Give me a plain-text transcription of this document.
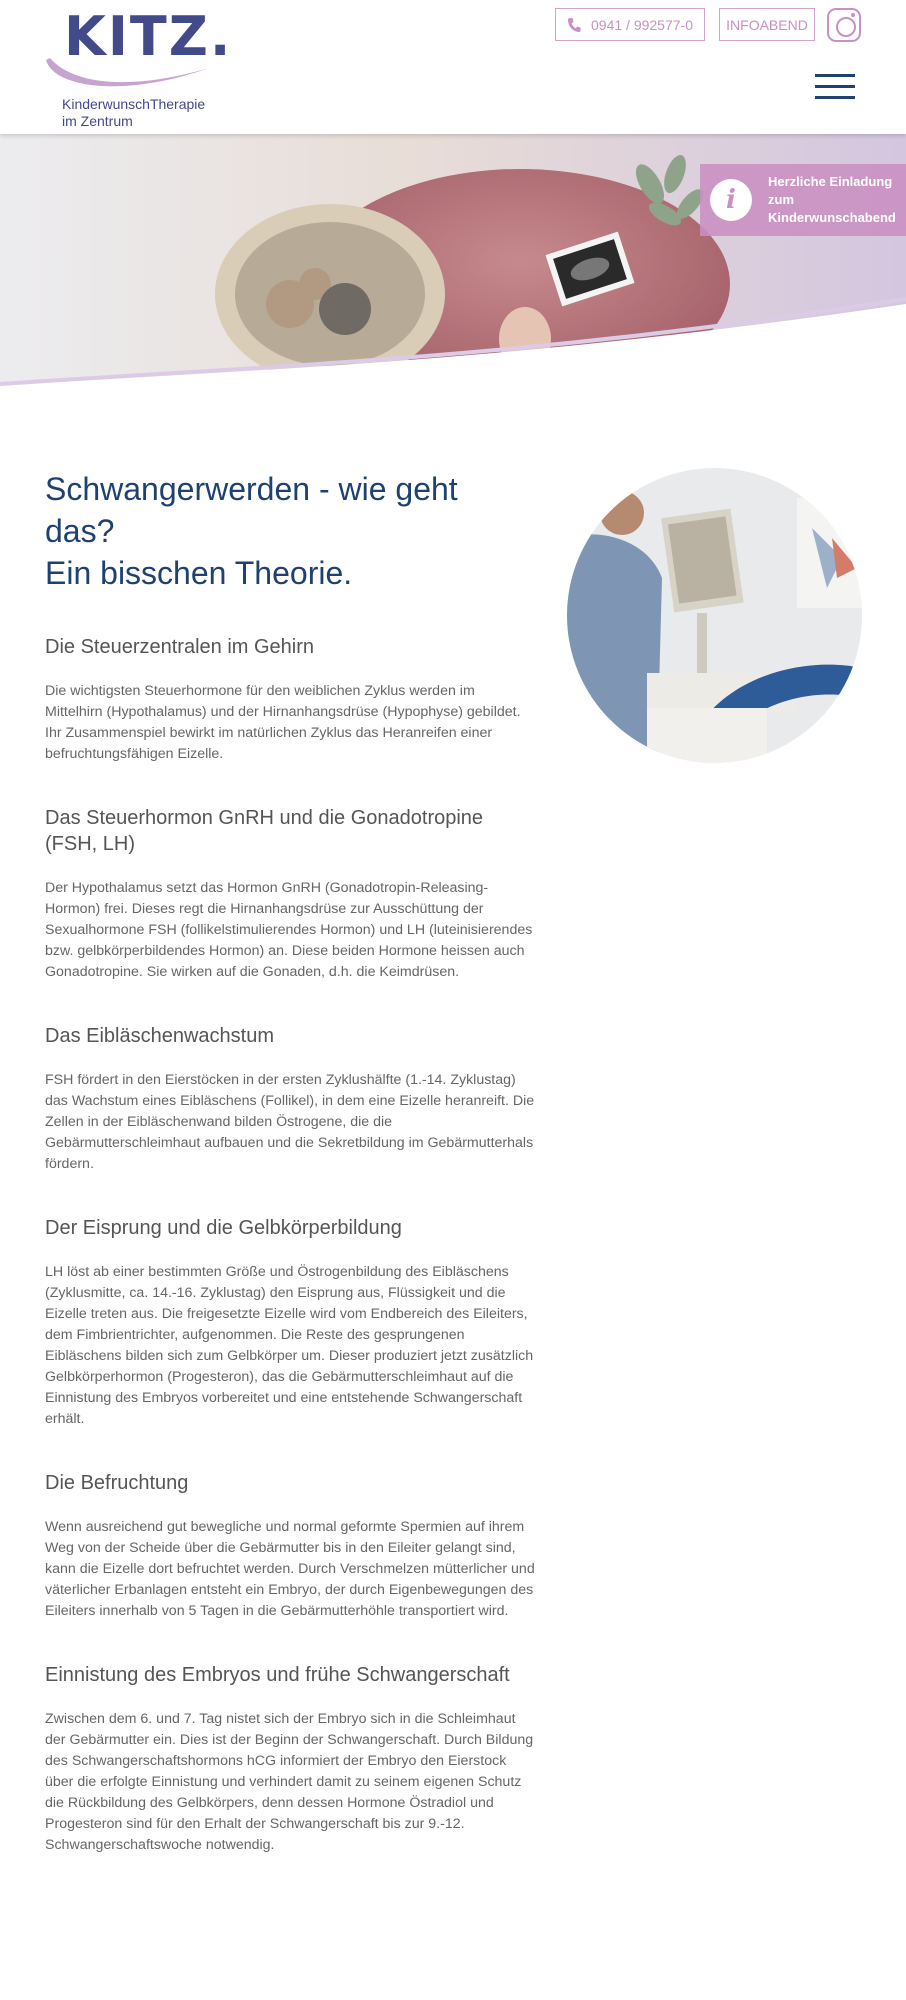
KITZ.
KinderwunschTherapie
im Zentrum
0941 / 992577-0	INFOABEND
i
Herzliche Einladung zum Kinderwunschabend
Schwangerwerden - wie geht das?
Ein bisschen Theorie.
Die Steuerzentralen im Gehirn

Die wichtigsten Steuerhormone für den weiblichen Zyklus werden im Mittelhirn (Hypothalamus) und der Hirnanhangsdrüse (Hypophyse) gebildet. Ihr Zusammenspiel bewirkt im natürlichen Zyklus das Heranreifen einer befruchtungsfähigen Eizelle.

Das Steuerhormon GnRH und die Gonadotropine (FSH, LH)

Der Hypothalamus setzt das Hormon GnRH (Gonadotropin-Releasing-Hormon) frei. Dieses regt die Hirnanhangsdrüse zur Ausschüttung der Sexualhormone FSH (follikelstimulierendes Hormon) und LH (luteinisierendes bzw. gelbkörperbildendes Hormon) an. Diese beiden Hormone heissen auch Gonadotropine. Sie wirken auf die Gonaden, d.h. die Keimdrüsen.

Das Eibläschenwachstum

FSH fördert in den Eierstöcken in der ersten Zyklushälfte (1.-14. Zyklustag) das Wachstum eines Eibläschens (Follikel), in dem eine Eizelle heranreift. Die Zellen in der Eibläschenwand bilden Östrogene, die die Gebärmutterschleimhaut aufbauen und die Sekretbildung im Gebärmutterhals fördern.

Der Eisprung und die Gelbkörperbildung

LH löst ab einer bestimmten Größe und Östrogenbildung des Eibläschens (Zyklusmitte, ca. 14.-16. Zyklustag) den Eisprung aus, Flüssigkeit und die Eizelle treten aus. Die freigesetzte Eizelle wird vom Endbereich des Eileiters, dem Fimbrientrichter, aufgenommen. Die Reste des gesprungenen Eibläschens bilden sich zum Gelbkörper um. Dieser produziert jetzt zusätzlich Gelbkörperhormon (Progesteron), das die Gebärmutterschleimhaut auf die Einnistung des Embryos vorbereitet und eine entstehende Schwangerschaft erhält.

Die Befruchtung

Wenn ausreichend gut bewegliche und normal geformte Spermien auf ihrem Weg von der Scheide über die Gebärmutter bis in den Eileiter gelangt sind, kann die Eizelle dort befruchtet werden. Durch Verschmelzen mütterlicher und väterlicher Erbanlagen entsteht ein Embryo, der durch Eigenbewegungen des Eileiters innerhalb von 5 Tagen in die Gebärmutterhöhle transportiert wird.

Einnistung des Embryos und frühe Schwangerschaft

Zwischen dem 6. und 7. Tag nistet sich der Embryo sich in die Schleimhaut der Gebärmutter ein. Dies ist der Beginn der Schwangerschaft. Durch Bildung des Schwangerschaftshormons hCG informiert der Embryo den Eierstock über die erfolgte Einnistung und verhindert damit zu seinem eigenen Schutz die Rückbildung des Gelbkörpers, denn dessen Hormone Östradiol und Progesteron sind für den Erhalt der Schwangerschaft bis zur 9.-12. Schwangerschaftswoche notwendig.
